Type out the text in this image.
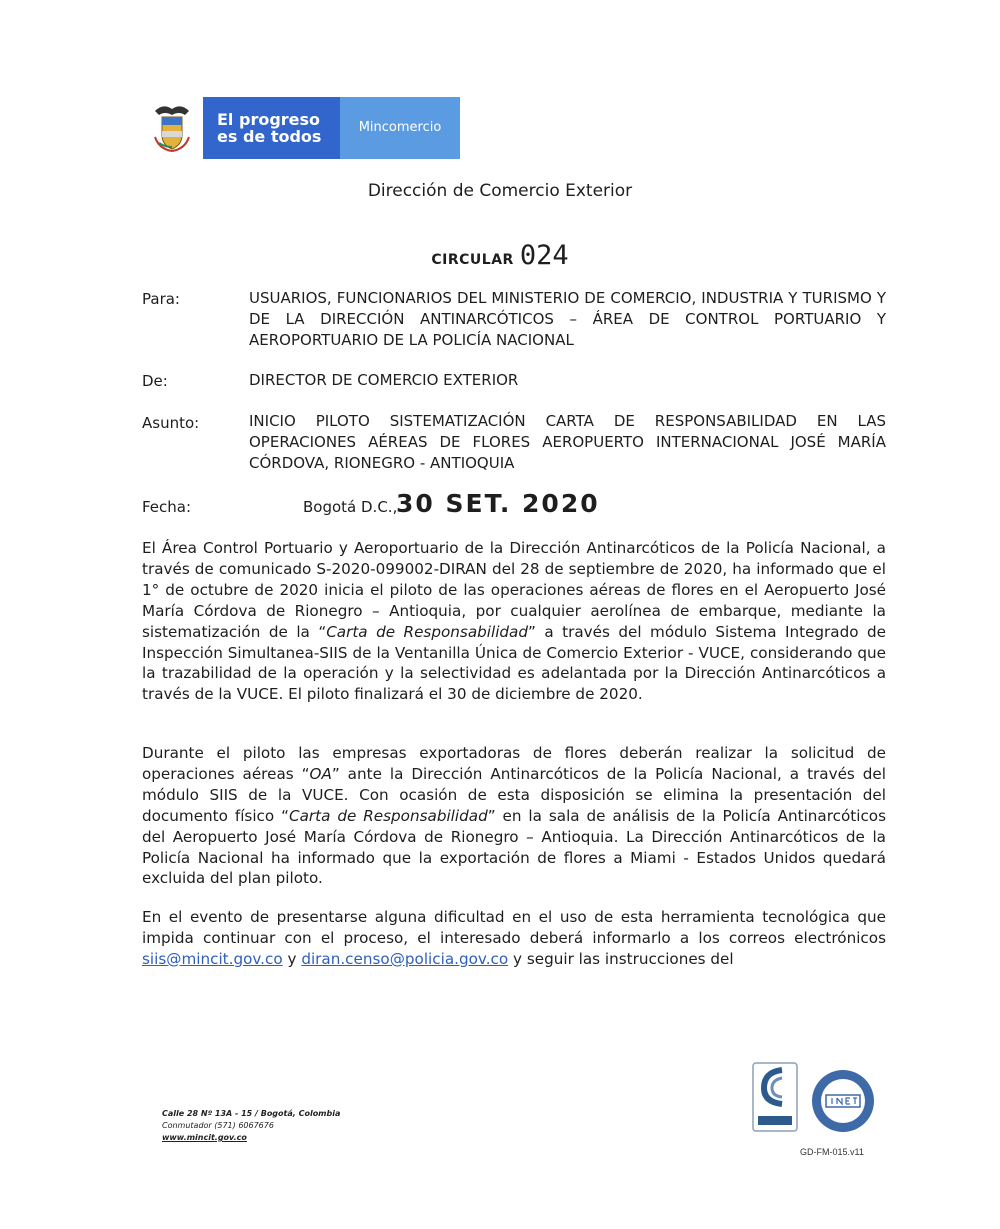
El progreso
es de todos	Mincomercio
Dirección de Comercio Exterior
CIRCULAR 024
Para:	USUARIOS, FUNCIONARIOS DEL MINISTERIO DE COMERCIO, INDUSTRIA Y TURISMO Y DE LA DIRECCIÓN ANTINARCÓTICOS – ÁREA DE CONTROL PORTUARIO Y AEROPORTUARIO DE LA POLICÍA NACIONAL
De:	DIRECTOR DE COMERCIO EXTERIOR
Asunto:	INICIO PILOTO SISTEMATIZACIÓN CARTA DE RESPONSABILIDAD EN LAS OPERACIONES AÉREAS DE FLORES AEROPUERTO INTERNACIONAL JOSÉ MARÍA CÓRDOVA, RIONEGRO - ANTIOQUIA
Fecha:	Bogotá D.C.,
30 SET. 2020
El Área Control Portuario y Aeroportuario de la Dirección Antinarcóticos de la Policía Nacional, a través de comunicado S-2020-099002-DIRAN del 28 de septiembre de 2020, ha informado que el 1° de octubre de 2020 inicia el piloto de las operaciones aéreas de flores en el Aeropuerto José María Córdova de Rionegro – Antioquia, por cualquier aerolínea de embarque, mediante la sistematización de la “Carta de Responsabilidad” a través del módulo Sistema Integrado de Inspección Simultanea-SIIS de la Ventanilla Única de Comercio Exterior - VUCE, considerando que la trazabilidad de la operación y la selectividad es adelantada por la Dirección Antinarcóticos a través de la VUCE. El piloto finalizará el 30 de diciembre de 2020.
Durante el piloto las empresas exportadoras de flores deberán realizar la solicitud de operaciones aéreas “OA” ante la Dirección Antinarcóticos de la Policía Nacional, a través del módulo SIIS de la VUCE. Con ocasión de esta disposición se elimina la presentación del documento físico “Carta de Responsabilidad” en la sala de análisis de la Policía Antinarcóticos del Aeropuerto José María Córdova de Rionegro – Antioquia. La Dirección Antinarcóticos de la Policía Nacional ha informado que la exportación de flores a Miami - Estados Unidos quedará excluida del plan piloto.
En el evento de presentarse alguna dificultad en el uso de esta herramienta tecnológica que impida continuar con el proceso, el interesado deberá informarlo a los correos electrónicos siis@mincit.gov.co y diran.censo@policia.gov.co y seguir las instrucciones del
Calle 28 Nº 13A - 15 / Bogotá, Colombia
Conmutador (571) 6067676
www.mincit.gov.co
GD-FM-015.v11
